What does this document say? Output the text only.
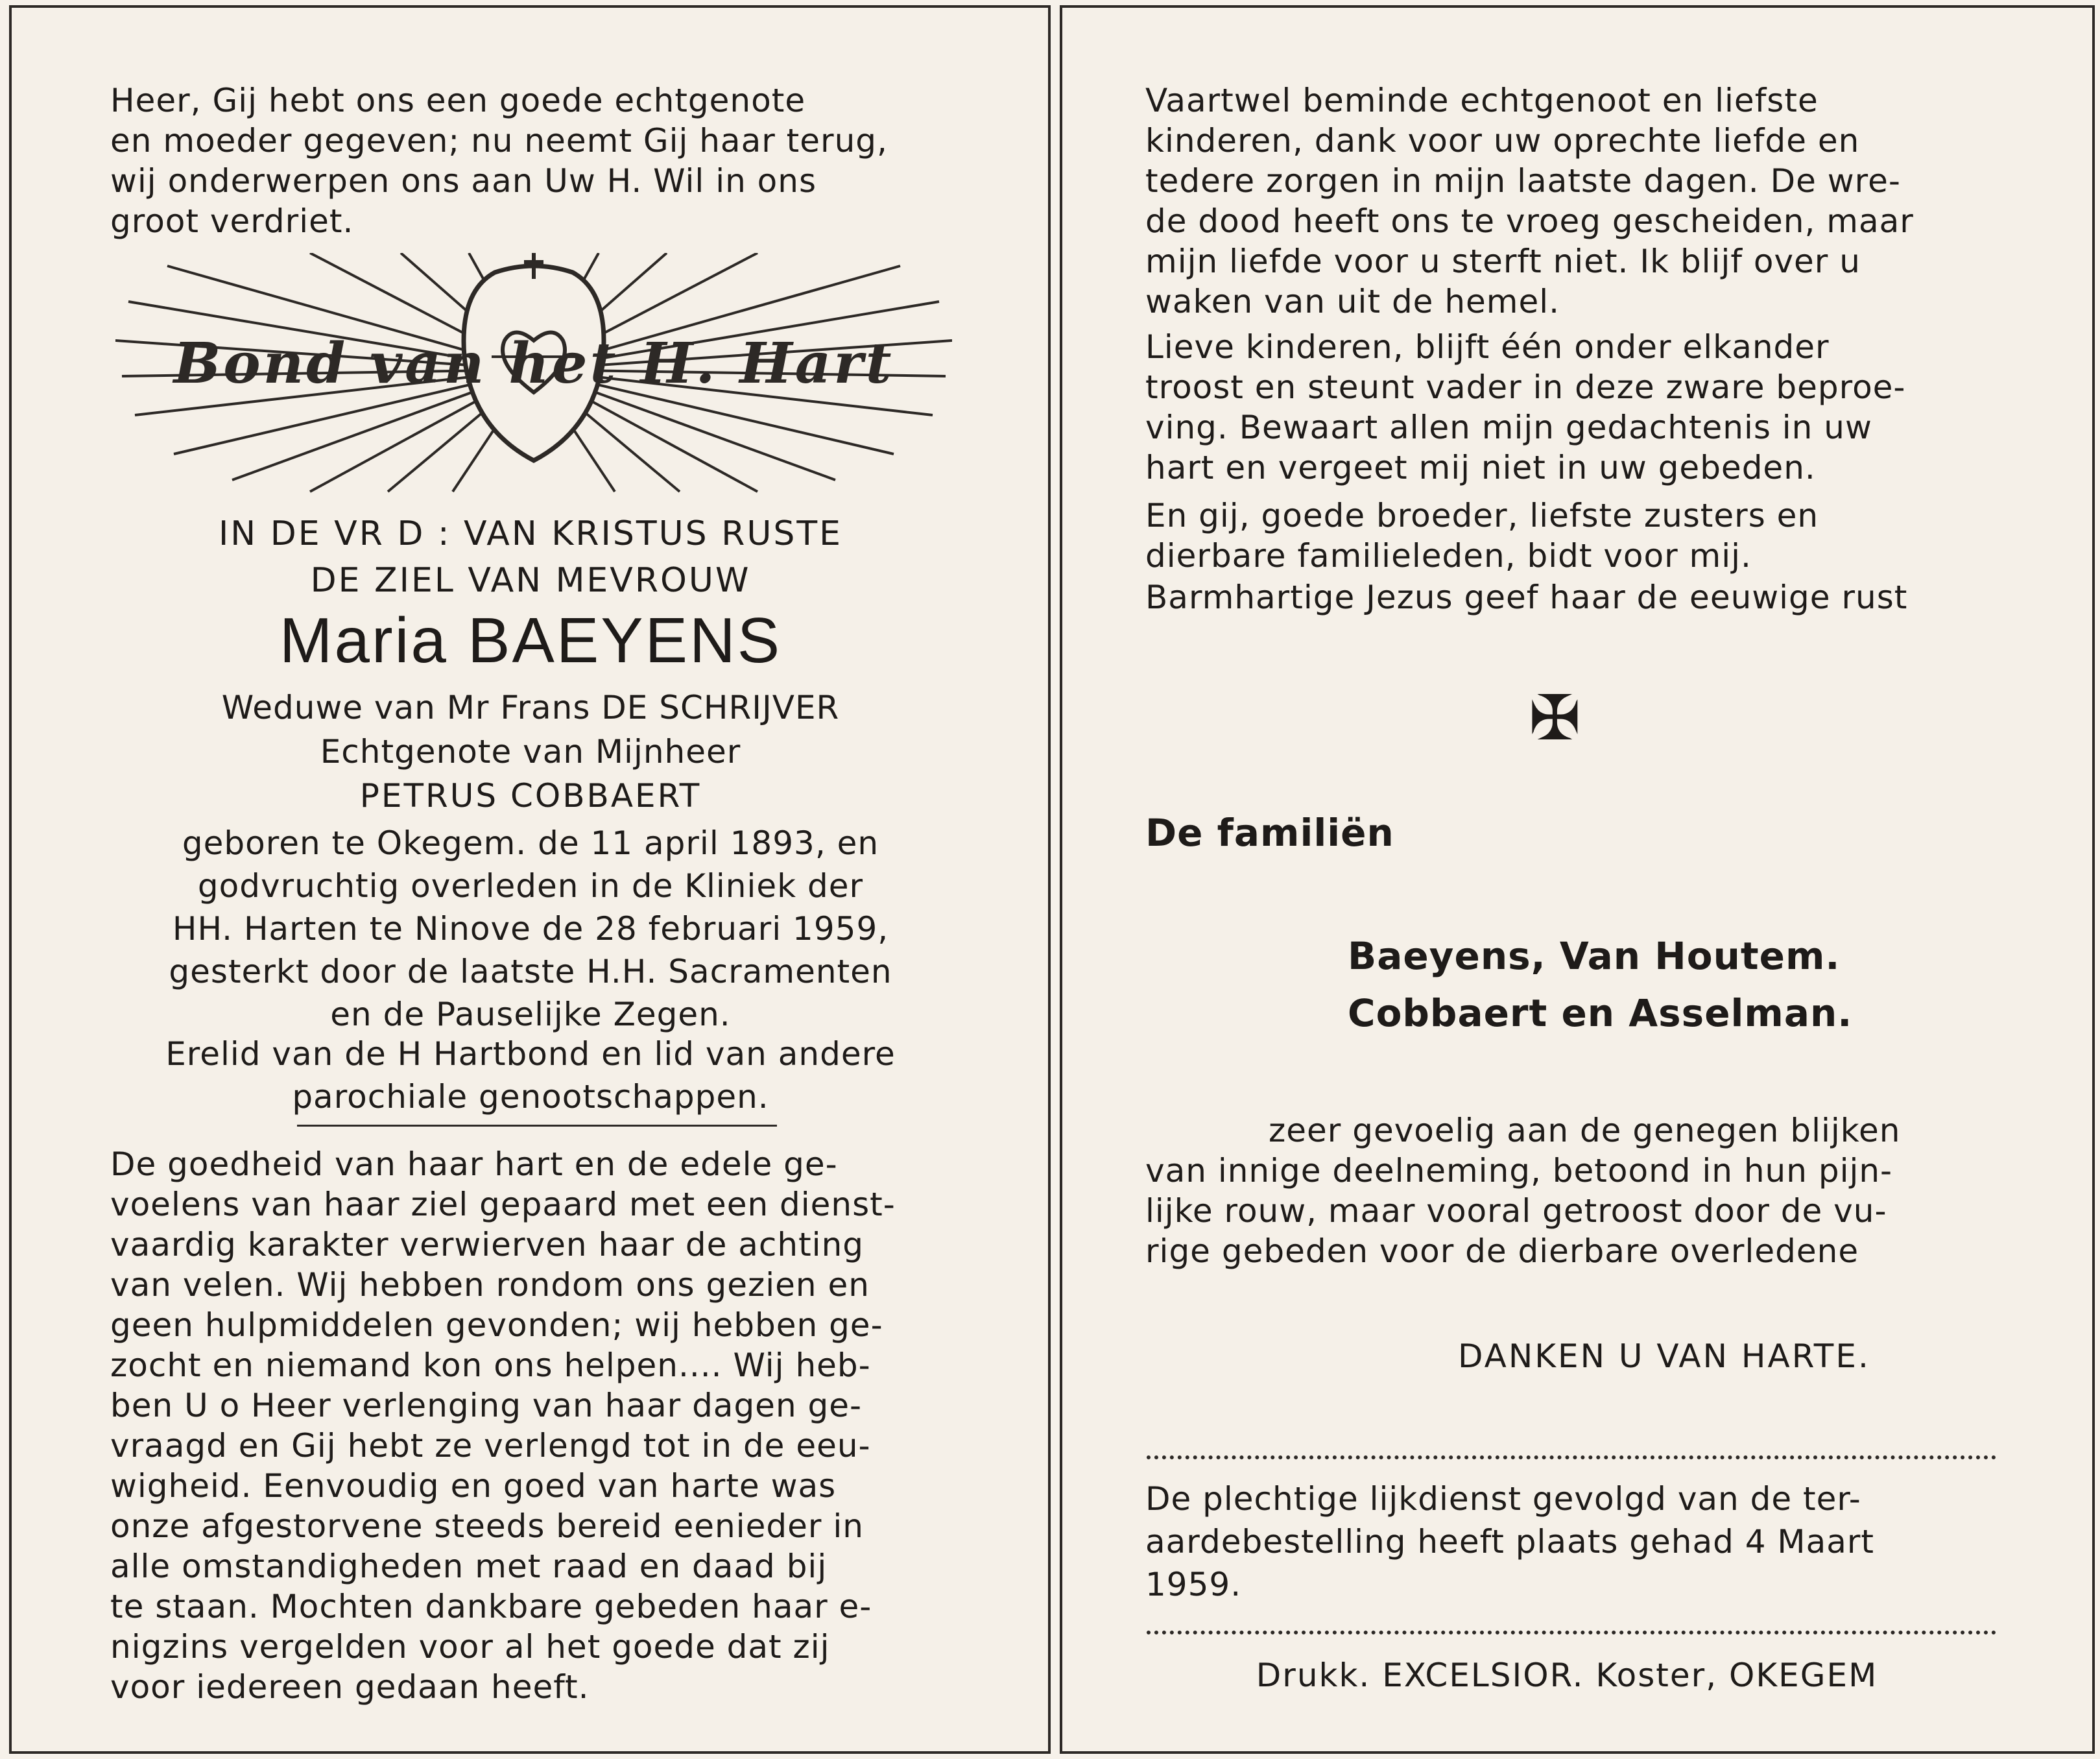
Heer, Gij hebt ons een goede echtgenote
en moeder gegeven; nu neemt Gij haar terug,
wij onderwerpen ons aan Uw H. Wil in ons
groot verdriet.

Bond van het H. Hart

IN DE VR D : VAN KRISTUS RUSTE

DE ZIEL VAN MEVROUW

Maria BAEYENS

Weduwe van Mr Frans DE SCHRIJVER

Echtgenote van Mijnheer

PETRUS COBBAERT

geboren te Okegem. de 11 april 1893, en
godvruchtig overleden in de Kliniek der
HH. Harten te Ninove de 28 februari 1959,
gesterkt door de laatste H.H. Sacramenten
en de Pauselijke Zegen.

Erelid van de H Hartbond en lid van andere
parochiale genootschappen.

De goedheid van haar hart en de edele ge-
voelens van haar ziel gepaard met een dienst-
vaardig karakter verwierven haar de achting
van velen. Wij hebben rondom ons gezien en
geen hulpmiddelen gevonden; wij hebben ge-
zocht en niemand kon ons helpen.... Wij heb-
ben U o Heer verlenging van haar dagen ge-
vraagd en Gij hebt ze verlengd tot in de eeu-
wigheid. Eenvoudig en goed van harte was
onze afgestorvene steeds bereid eenieder in
alle omstandigheden met raad en daad bij
te staan. Mochten dankbare gebeden haar e-
nigzins vergelden voor al het goede dat zij
voor iedereen gedaan heeft.

Vaartwel beminde echtgenoot en liefste
kinderen, dank voor uw oprechte liefde en
tedere zorgen in mijn laatste dagen. De wre-
de dood heeft ons te vroeg gescheiden, maar
mijn liefde voor u sterft niet. Ik blijf over u
waken van uit de hemel.

Lieve kinderen, blijft één onder elkander
troost en steunt vader in deze zware beproe-
ving. Bewaart allen mijn gedachtenis in uw
hart en vergeet mij niet in uw gebeden.

En gij, goede broeder, liefste zusters en
dierbare familieleden, bidt voor mij.

Barmhartige Jezus geef haar de eeuwige rust

✠

De familiën

Baeyens, Van Houtem.
Cobbaert en Asselman.

zeer gevoelig aan de genegen blijken
van innige deelneming, betoond in hun pijn-
lijke rouw, maar vooral getroost door de vu-
rige gebeden voor de dierbare overledene

DANKEN U VAN HARTE.

De plechtige lijkdienst gevolgd van de ter-
aardebestelling heeft plaats gehad 4 Maart
1959.

Drukk. EXCELSIOR. Koster, OKEGEM
